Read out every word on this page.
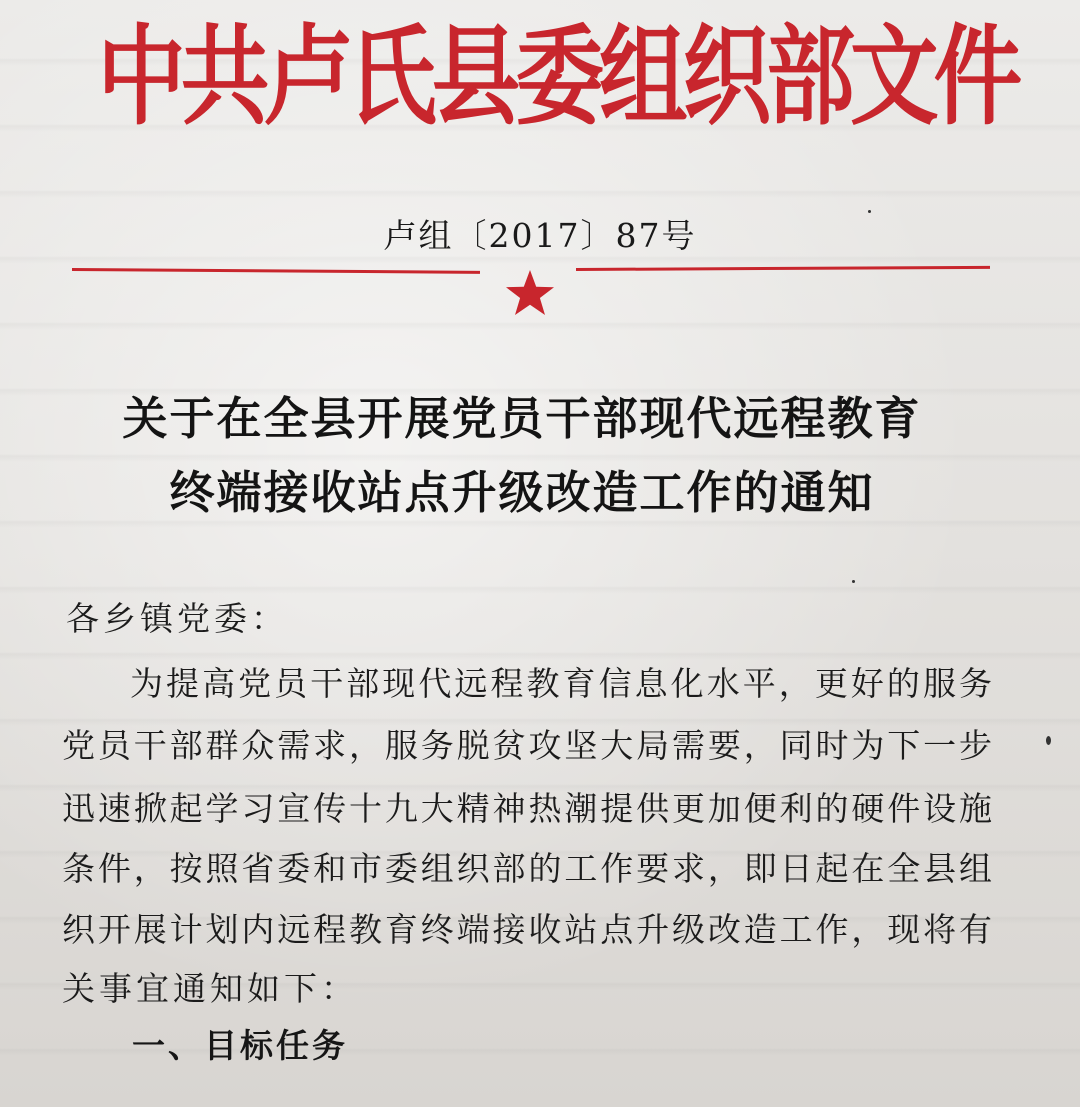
中共卢氏县委组织部文件
卢组〔2017〕87号
关于在全县开展党员干部现代远程教育
终端接收站点升级改造工作的通知
各乡镇党委：
为提高党员干部现代远程教育信息化水平，更好的服务
党员干部群众需求，服务脱贫攻坚大局需要，同时为下一步
迅速掀起学习宣传十九大精神热潮提供更加便利的硬件设施
条件，按照省委和市委组织部的工作要求，即日起在全县组
织开展计划内远程教育终端接收站点升级改造工作，现将有
关事宜通知如下：
一、目标任务
